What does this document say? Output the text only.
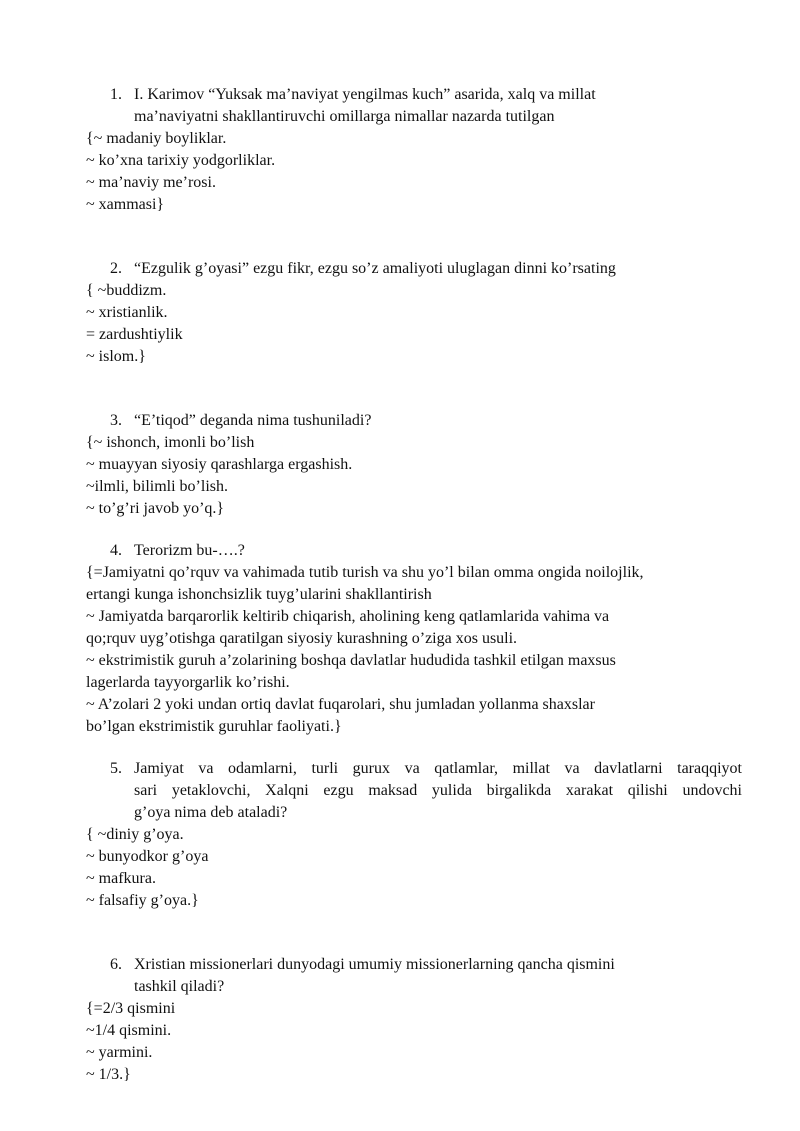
1. I. Karimov “Yuksak ma’naviyat yengilmas kuch” asarida, xalq va millat
ma’naviyatni shakllantiruvchi omillarga nimallar nazarda tutilgan
{~ madaniy boyliklar.
~ ko’xna tarixiy yodgorliklar.
~ ma’naviy me’rosi.
~ xammasi}
2. “Ezgulik g’oyasi” ezgu fikr, ezgu so’z amaliyoti uluglagan dinni ko’rsating
{ ~buddizm.
~ xristianlik.
= zardushtiylik
~ islom.}
3. “E’tiqod” deganda nima tushuniladi?
{~ ishonch, imonli bo’lish
~ muayyan siyosiy qarashlarga ergashish.
~ilmli, bilimli bo’lish.
~ to’g’ri javob yo’q.}
4. Terorizm bu-….?
{=Jamiyatni qo’rquv va vahimada tutib turish va shu yo’l bilan omma ongida noilojlik,
ertangi kunga ishonchsizlik tuyg’ularini shakllantirish
~ Jamiyatda barqarorlik keltirib chiqarish, aholining keng qatlamlarida vahima va
qo;rquv uyg’otishga qaratilgan siyosiy kurashning o’ziga xos usuli.
~ ekstrimistik guruh a’zolarining boshqa davlatlar hududida tashkil etilgan maxsus
lagerlarda tayyorgarlik ko’rishi.
~ A’zolari 2 yoki undan ortiq davlat fuqarolari, shu jumladan yollanma shaxslar
bo’lgan ekstrimistik guruhlar faoliyati.}
5. Jamiyat va odamlarni, turli gurux va qatlamlar, millat va davlatlarni taraqqiyot
sari yetaklovchi, Xalqni ezgu maksad yulida birgalikda xarakat qilishi undovchi
g’oya nima deb ataladi?
{ ~diniy g’oya.
~ bunyodkor g’oya
~ mafkura.
~ falsafiy g’oya.}
6. Xristian missionerlari dunyodagi umumiy missionerlarning qancha qismini
tashkil qiladi?
{=2/3 qismini
~1/4 qismini.
~ yarmini.
~ 1/3.}
